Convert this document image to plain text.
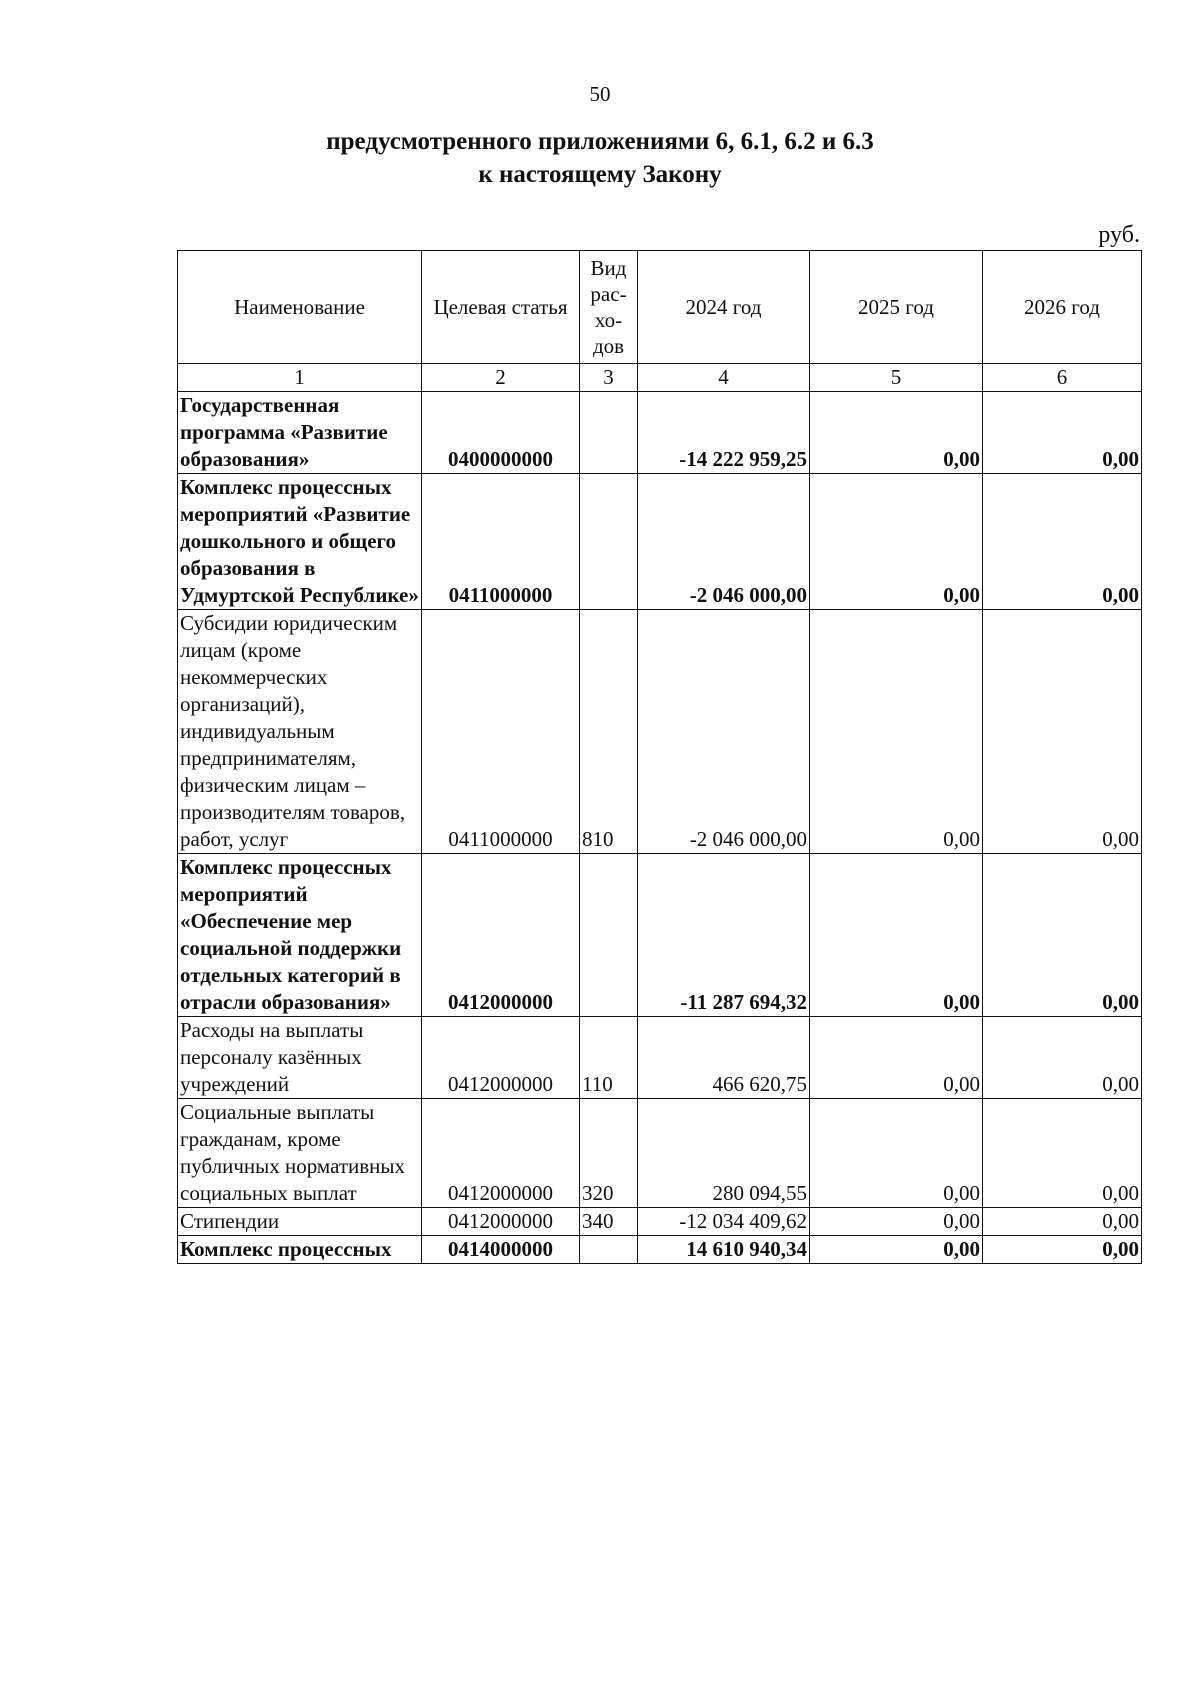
50
предусмотренного приложениями 6, 6.1, 6.2 и 6.3
к настоящему Закону
руб.
Наименование	Целевая статья	Вид рас-хо-дов	2024 год	2025 год	2026 год
1	2	3	4	5	6
Государственная программа «Развитие образования»	0400000000		-14 222 959,25	0,00	0,00
Комплекс процессных мероприятий «Развитие дошкольного и общего образования в Удмуртской Республике»	0411000000		-2 046 000,00	0,00	0,00
Субсидии юридическим лицам (кроме некоммерческих организаций), индивидуальным предпринимателям, физическим лицам – производителям товаров, работ, услуг	0411000000	810	-2 046 000,00	0,00	0,00
Комплекс процессных мероприятий «Обеспечение мер социальной поддержки отдельных категорий в отрасли образования»	0412000000		-11 287 694,32	0,00	0,00
Расходы на выплаты персоналу казённых учреждений	0412000000	110	466 620,75	0,00	0,00
Социальные выплаты гражданам, кроме публичных нормативных социальных выплат	0412000000	320	280 094,55	0,00	0,00
Стипендии	0412000000	340	-12 034 409,62	0,00	0,00
Комплекс процессных	0414000000		14 610 940,34	0,00	0,00
